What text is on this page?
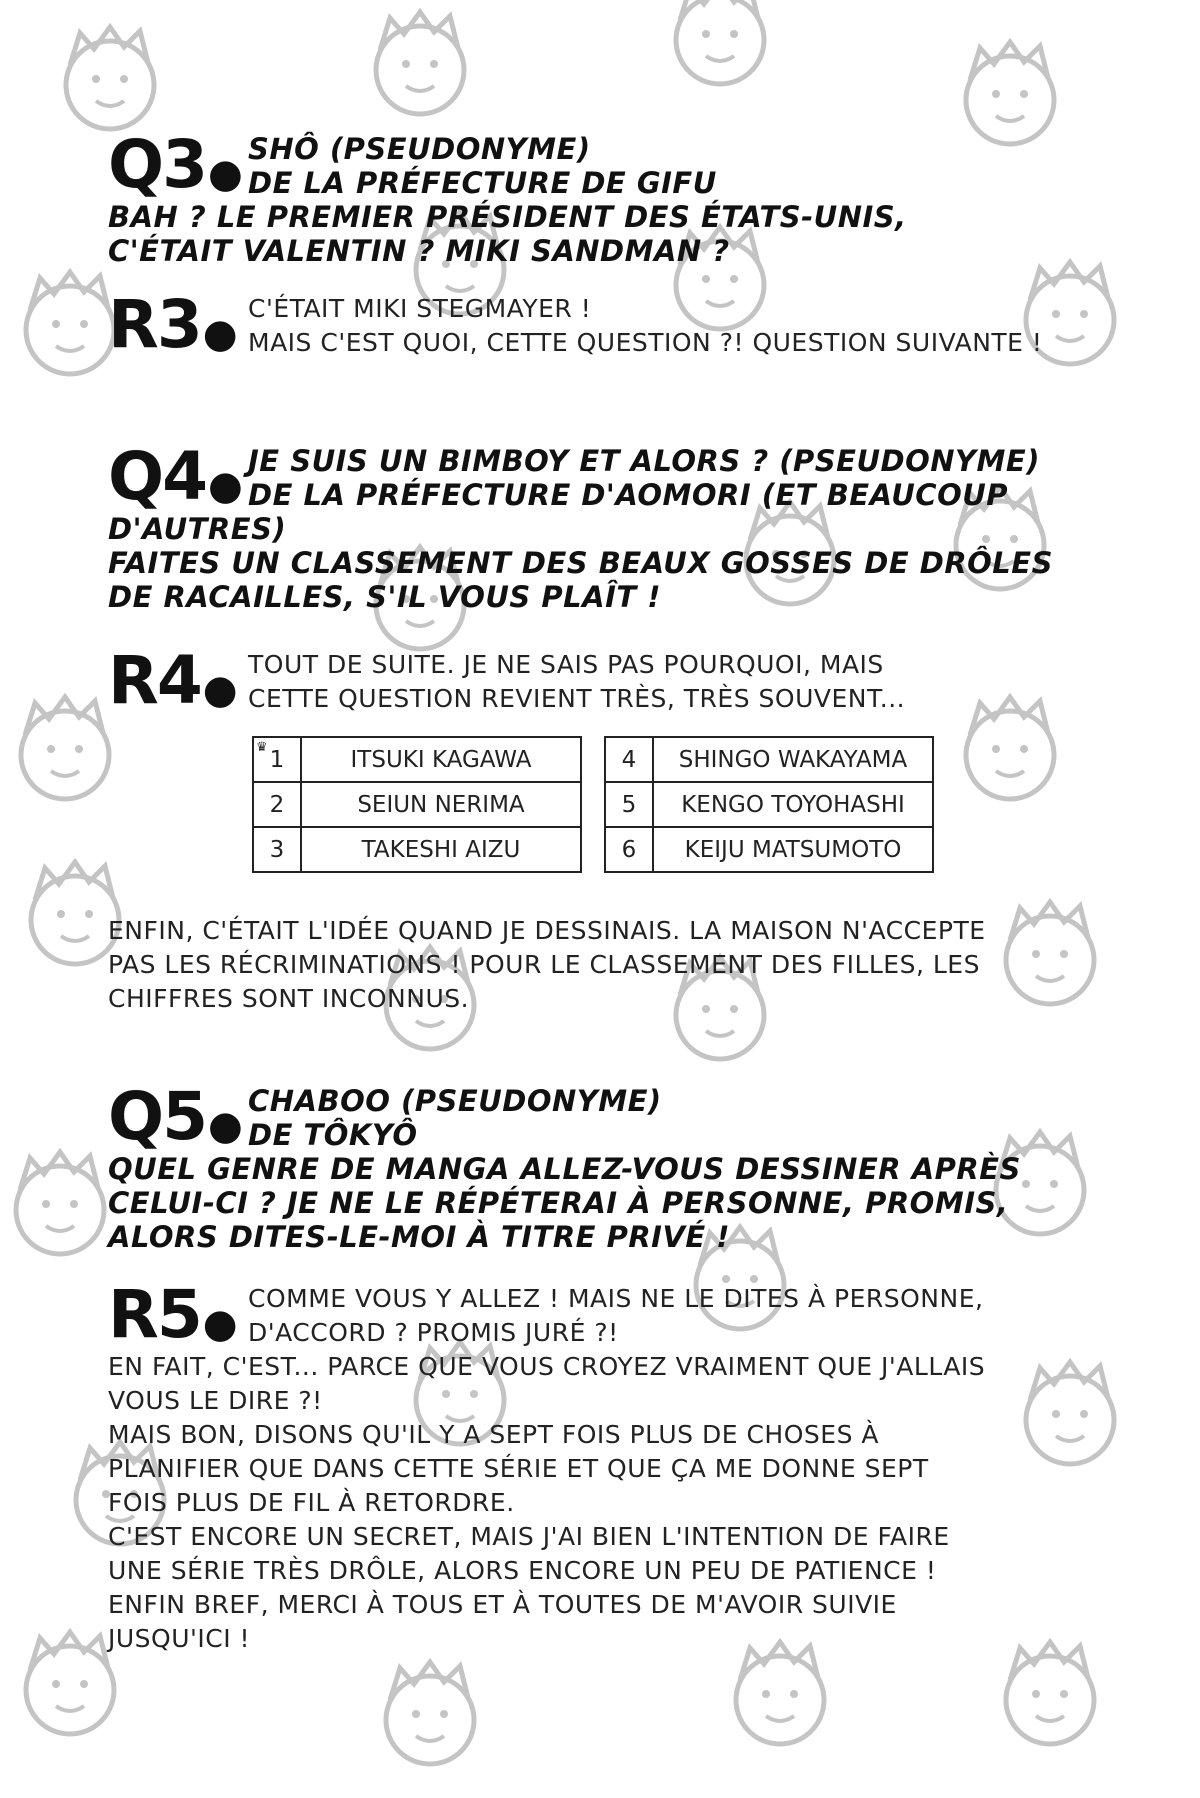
Q3●
SHÔ (PSEUDONYME)
DE LA PRÉFECTURE DE GIFU
BAH ? LE PREMIER PRÉSIDENT DES ÉTATS-UNIS,
C'ÉTAIT VALENTIN ? MIKI SANDMAN ?
R3●
C'ÉTAIT MIKI STEGMAYER !
MAIS C'EST QUOI, CETTE QUESTION ?! QUESTION SUIVANTE !
Q4●
JE SUIS UN BIMBOY ET ALORS ? (PSEUDONYME)
DE LA PRÉFECTURE D'AOMORI (ET BEAUCOUP
D'AUTRES)
FAITES UN CLASSEMENT DES BEAUX GOSSES DE DRÔLES
DE RACAILLES, S'IL VOUS PLAÎT !
R4●
TOUT DE SUITE. JE NE SAIS PAS POURQUOI, MAIS
CETTE QUESTION REVIENT TRÈS, TRÈS SOUVENT...
♛ 1	ITSUKI KAGAWA
2	SEIUN NERIMA
3	TAKESHI AIZU
4	SHINGO WAKAYAMA
5	KENGO TOYOHASHI
6	KEIJU MATSUMOTO
ENFIN, C'ÉTAIT L'IDÉE QUAND JE DESSINAIS. LA MAISON N'ACCEPTE
PAS LES RÉCRIMINATIONS ! POUR LE CLASSEMENT DES FILLES, LES
CHIFFRES SONT INCONNUS.
Q5●
CHABOO (PSEUDONYME)
DE TÔKYÔ
QUEL GENRE DE MANGA ALLEZ-VOUS DESSINER APRÈS
CELUI-CI ? JE NE LE RÉPÉTERAI À PERSONNE, PROMIS,
ALORS DITES-LE-MOI À TITRE PRIVÉ !
R5●
COMME VOUS Y ALLEZ ! MAIS NE LE DITES À PERSONNE,
D'ACCORD ? PROMIS JURÉ ?!
EN FAIT, C'EST... PARCE QUE VOUS CROYEZ VRAIMENT QUE J'ALLAIS
VOUS LE DIRE ?!
MAIS BON, DISONS QU'IL Y A SEPT FOIS PLUS DE CHOSES À
PLANIFIER QUE DANS CETTE SÉRIE ET QUE ÇA ME DONNE SEPT
FOIS PLUS DE FIL À RETORDRE.
C'EST ENCORE UN SECRET, MAIS J'AI BIEN L'INTENTION DE FAIRE
UNE SÉRIE TRÈS DRÔLE, ALORS ENCORE UN PEU DE PATIENCE !
ENFIN BREF, MERCI À TOUS ET À TOUTES DE M'AVOIR SUIVIE
JUSQU'ICI !
